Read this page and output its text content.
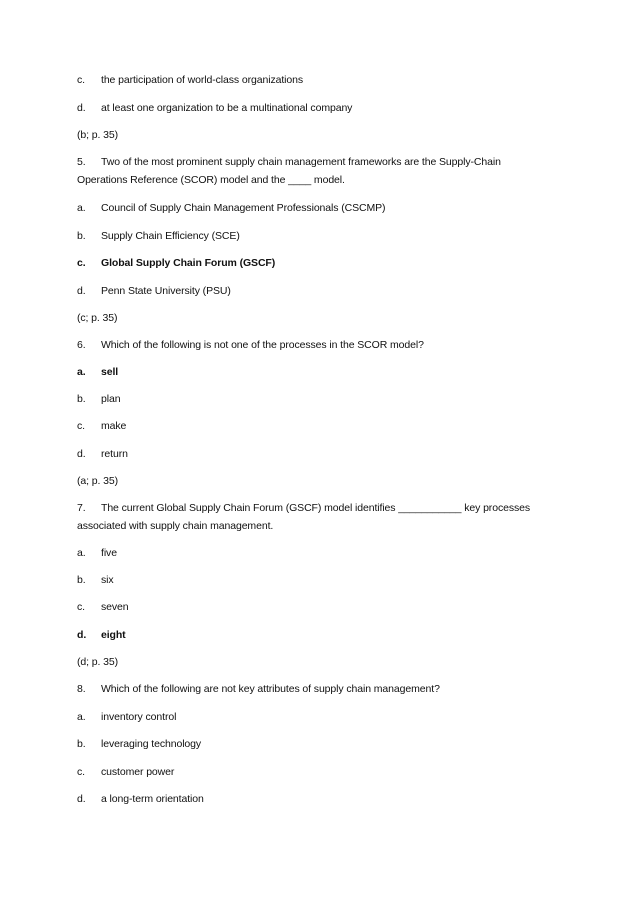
c. the participation of world-class organizations
d. at least one organization to be a multinational company
(b; p. 35)
5. Two of the most prominent supply chain management frameworks are the Supply-Chain
Operations Reference (SCOR) model and the ____ model.
a. Council of Supply Chain Management Professionals (CSCMP)
b. Supply Chain Efficiency (SCE)
c. Global Supply Chain Forum (GSCF)
d. Penn State University (PSU)
(c; p. 35)
6. Which of the following is not one of the processes in the SCOR model?
a. sell
b. plan
c. make
d. return
(a; p. 35)
7. The current Global Supply Chain Forum (GSCF) model identifies ___________ key processes
associated with supply chain management.
a. five
b. six
c. seven
d. eight
(d; p. 35)
8. Which of the following are not key attributes of supply chain management?
a. inventory control
b. leveraging technology
c. customer power
d. a long-term orientation
